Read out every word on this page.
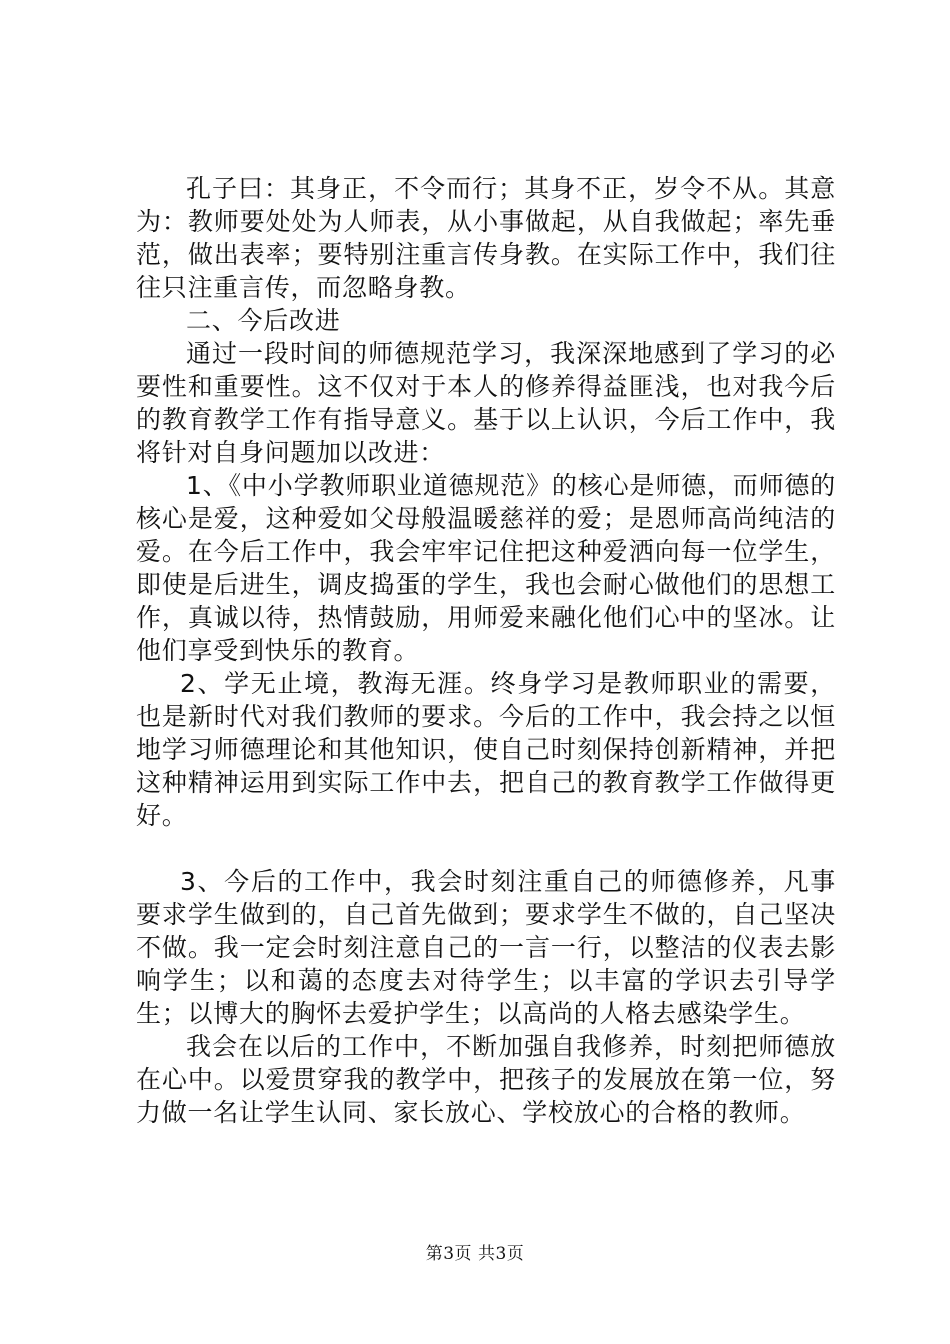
孔子曰：其身正，不令而行；其身不正，岁令不从。其意为：教师要处处为人师表，从小事做起，从自我做起；率先垂范，做出表率；要特别注重言传身教。在实际工作中，我们往往只注重言传，而忽略身教。

二、今后改进

通过一段时间的师德规范学习，我深深地感到了学习的必要性和重要性。这不仅对于本人的修养得益匪浅，也对我今后的教育教学工作有指导意义。基于以上认识，今后工作中，我将针对自身问题加以改进：

1、《中小学教师职业道德规范》的核心是师德，而师德的核心是爱，这种爱如父母般温暖慈祥的爱；是恩师高尚纯洁的爱。在今后工作中，我会牢牢记住把这种爱洒向每一位学生，即使是后进生，调皮捣蛋的学生，我也会耐心做他们的思想工作，真诚以待，热情鼓励，用师爱来融化他们心中的坚冰。让他们享受到快乐的教育。

2、学无止境，教海无涯。终身学习是教师职业的需要，也是新时代对我们教师的要求。今后的工作中，我会持之以恒地学习师德理论和其他知识，使自己时刻保持创新精神，并把这种精神运用到实际工作中去，把自己的教育教学工作做得更好。

3、今后的工作中，我会时刻注重自己的师德修养，凡事要求学生做到的，自己首先做到；要求学生不做的，自己坚决不做。我一定会时刻注意自己的一言一行，以整洁的仪表去影响学生；以和蔼的态度去对待学生；以丰富的学识去引导学生；以博大的胸怀去爱护学生；以高尚的人格去感染学生。

我会在以后的工作中，不断加强自我修养，时刻把师德放在心中。以爱贯穿我的教学中，把孩子的发展放在第一位，努力做一名让学生认同、家长放心、学校放心的合格的教师。

第3页 共3页
